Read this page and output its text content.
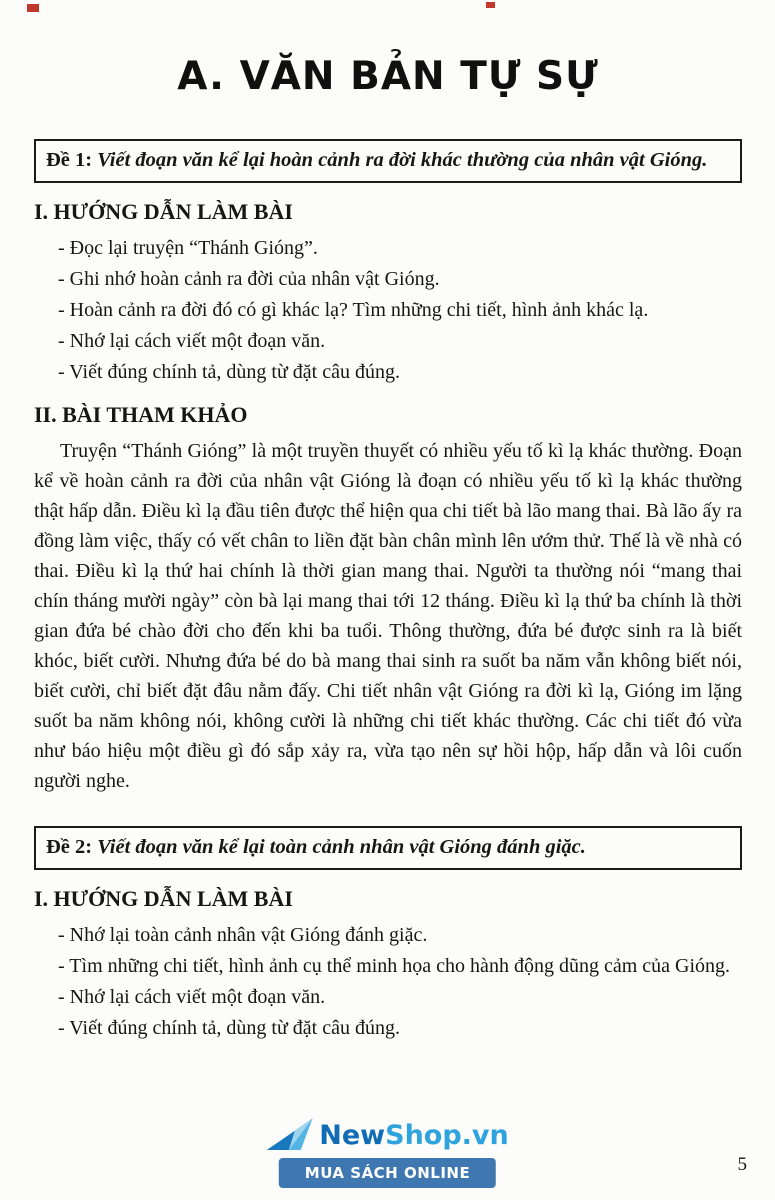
A. VĂN BẢN TỰ SỰ
Đề 1: Viết đoạn văn kể lại hoàn cảnh ra đời khác thường của nhân vật Gióng.
I. HƯỚNG DẪN LÀM BÀI

- Đọc lại truyện “Thánh Gióng”.

- Ghi nhớ hoàn cảnh ra đời của nhân vật Gióng.

- Hoàn cảnh ra đời đó có gì khác lạ? Tìm những chi tiết, hình ảnh khác lạ.

- Nhớ lại cách viết một đoạn văn.

- Viết đúng chính tả, dùng từ đặt câu đúng.

II. BÀI THAM KHẢO

Truyện “Thánh Gióng” là một truyền thuyết có nhiều yếu tố kì lạ khác thường. Đoạn kể về hoàn cảnh ra đời của nhân vật Gióng là đoạn có nhiều yếu tố kì lạ khác thường thật hấp dẫn. Điều kì lạ đầu tiên được thể hiện qua chi tiết bà lão mang thai. Bà lão ấy ra đồng làm việc, thấy có vết chân to liền đặt bàn chân mình lên ướm thử. Thế là về nhà có thai. Điều kì lạ thứ hai chính là thời gian mang thai. Người ta thường nói “mang thai chín tháng mười ngày” còn bà lại mang thai tới 12 tháng. Điều kì lạ thứ ba chính là thời gian đứa bé chào đời cho đến khi ba tuổi. Thông thường, đứa bé được sinh ra là biết khóc, biết cười. Nhưng đứa bé do bà mang thai sinh ra suốt ba năm vẫn không biết nói, biết cười, chỉ biết đặt đâu nằm đấy. Chi tiết nhân vật Gióng ra đời kì lạ, Gióng im lặng suốt ba năm không nói, không cười là những chi tiết khác thường. Các chi tiết đó vừa như báo hiệu một điều gì đó sắp xảy ra, vừa tạo nên sự hồi hộp, hấp dẫn và lôi cuốn người nghe.

Đề 2: Viết đoạn văn kể lại toàn cảnh nhân vật Gióng đánh giặc.
I. HƯỚNG DẪN LÀM BÀI

- Nhớ lại toàn cảnh nhân vật Gióng đánh giặc.

- Tìm những chi tiết, hình ảnh cụ thể minh họa cho hành động dũng cảm của Gióng.

- Nhớ lại cách viết một đoạn văn.

- Viết đúng chính tả, dùng từ đặt câu đúng.

NewShop.vn
MUA SÁCH ONLINE	5
